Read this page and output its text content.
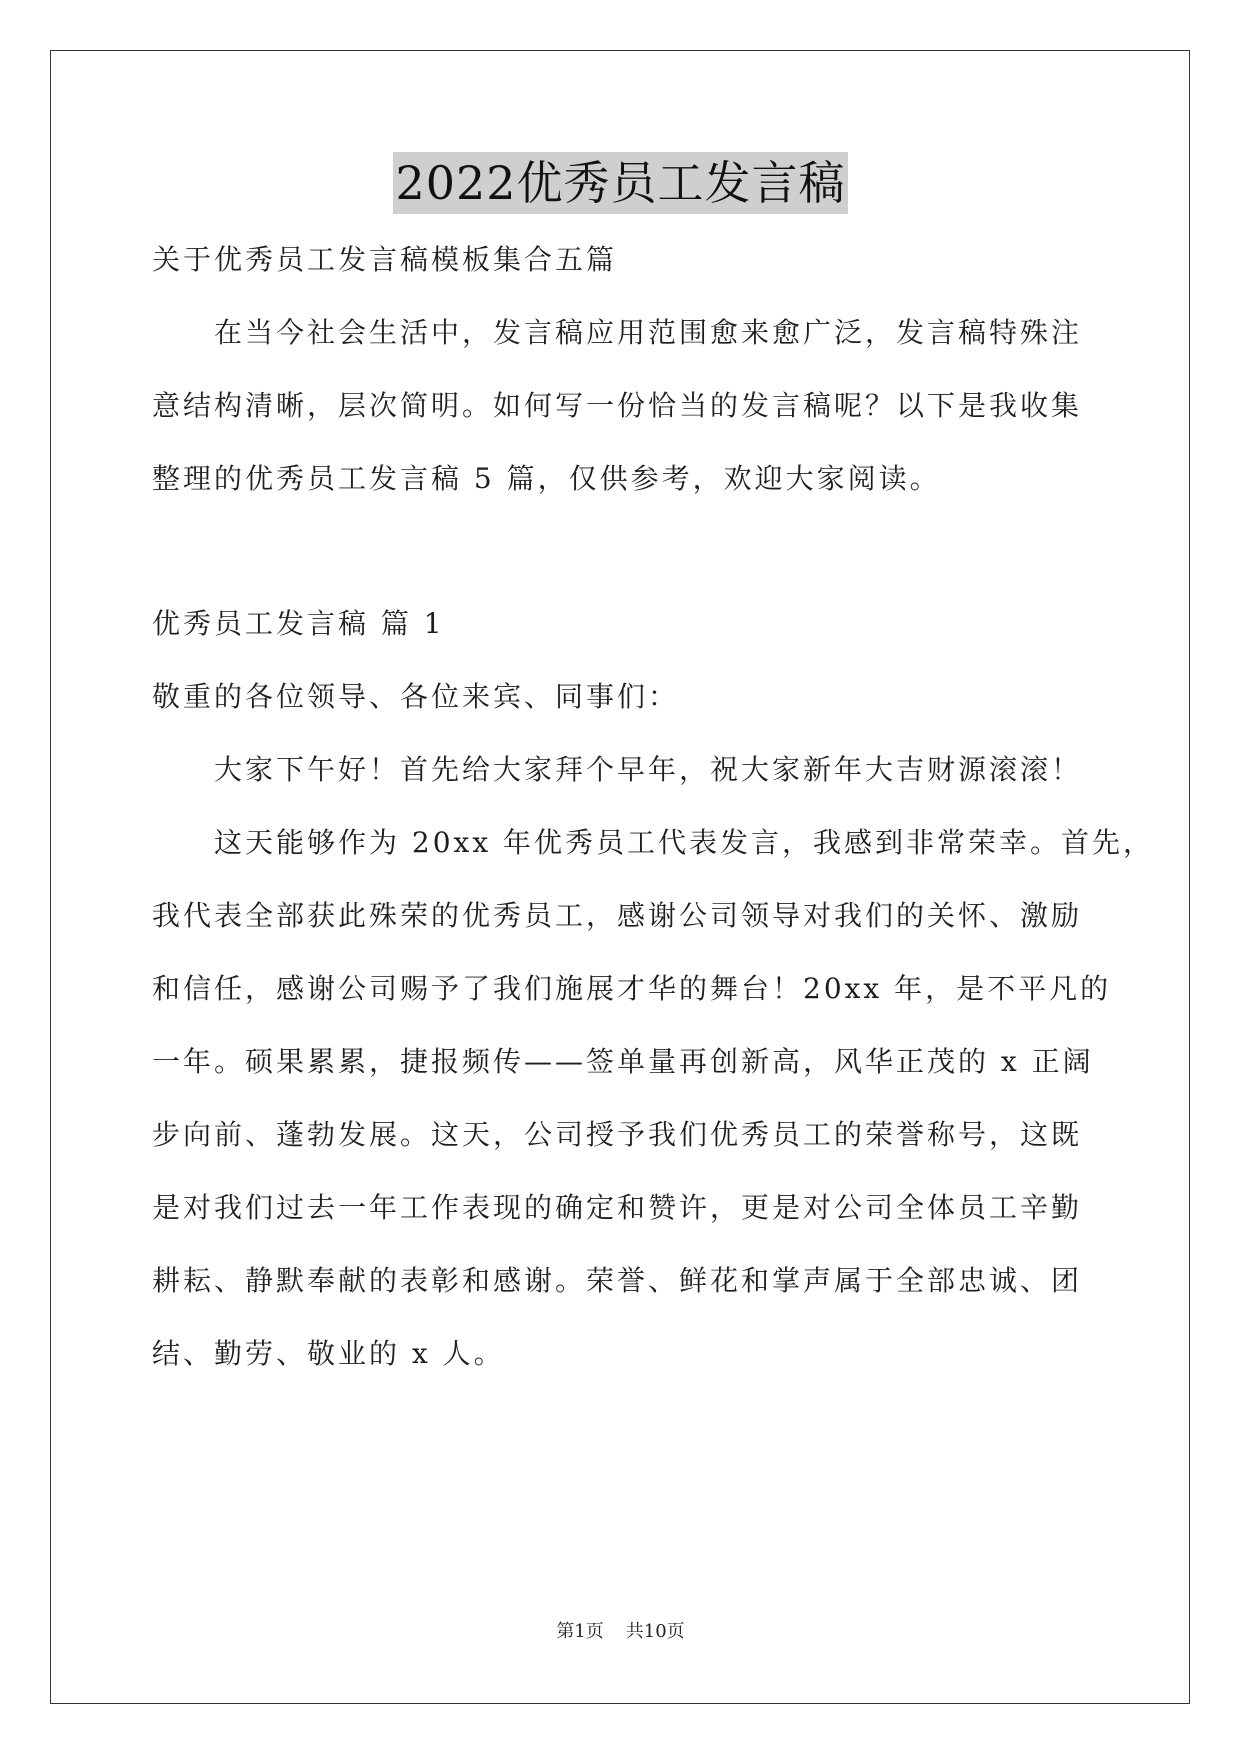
2022优秀员工发言稿
关于优秀员工发言稿模板集合五篇
在当今社会生活中，发言稿应用范围愈来愈广泛，发言稿特殊注
意结构清晰，层次简明。如何写一份恰当的发言稿呢？以下是我收集
整理的优秀员工发言稿 5 篇，仅供参考，欢迎大家阅读。
优秀员工发言稿 篇 1
敬重的各位领导、各位来宾、同事们：
大家下午好！首先给大家拜个早年，祝大家新年大吉财源滚滚！
这天能够作为 20xx 年优秀员工代表发言，我感到非常荣幸。首先，
我代表全部获此殊荣的优秀员工，感谢公司领导对我们的关怀、激励
和信任，感谢公司赐予了我们施展才华的舞台！20xx 年，是不平凡的
一年。硕果累累，捷报频传——签单量再创新高，风华正茂的 x 正阔
步向前、蓬勃发展。这天，公司授予我们优秀员工的荣誉称号，这既
是对我们过去一年工作表现的确定和赞许，更是对公司全体员工辛勤
耕耘、静默奉献的表彰和感谢。荣誉、鲜花和掌声属于全部忠诚、团
结、勤劳、敬业的 x 人。
第1页 共10页
